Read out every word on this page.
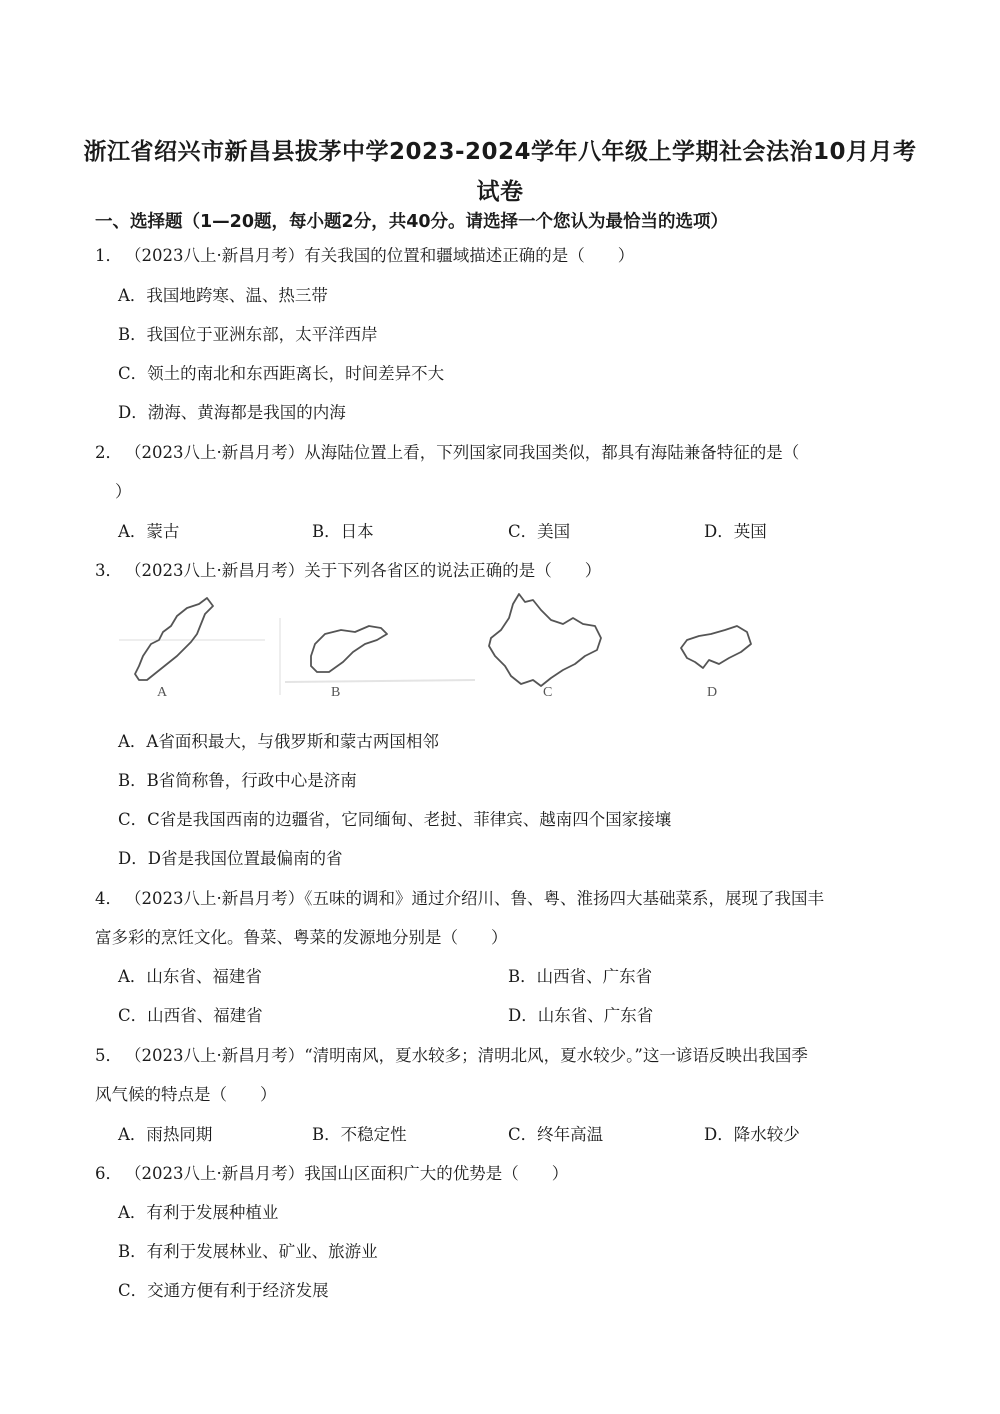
浙江省绍兴市新昌县拔茅中学2023-2024学年八年级上学期社会法治10月月考
试卷
一、选择题（1—20题，每小题2分，共40分。请选择一个您认为最恰当的选项）
1． （2023八上·新昌月考）有关我国的位置和疆域描述正确的是（　　）
A．我国地跨寒、温、热三带
B．我国位于亚洲东部，太平洋西岸
C．领土的南北和东西距离长，时间差异不大
D．渤海、黄海都是我国的内海
2． （2023八上·新昌月考）从海陆位置上看，下列国家同我国类似，都具有海陆兼备特征的是（
）
A．蒙古	B．日本	C．美国	D．英国
3． （2023八上·新昌月考）关于下列各省区的说法正确的是（　　）
A	B	C	D
A．A省面积最大，与俄罗斯和蒙古两国相邻
B．B省简称鲁，行政中心是济南
C．C省是我国西南的边疆省，它同缅甸、老挝、菲律宾、越南四个国家接壤
D．D省是我国位置最偏南的省
4． （2023八上·新昌月考）《五味的调和》通过介绍川、鲁、粤、淮扬四大基础菜系，展现了我国丰
富多彩的烹饪文化。鲁菜、粤菜的发源地分别是（　　）
A．山东省、福建省	B．山西省、广东省
C．山西省、福建省	D．山东省、广东省
5． （2023八上·新昌月考）“清明南风，夏水较多；清明北风，夏水较少。”这一谚语反映出我国季
风气候的特点是（　　）
A．雨热同期	B．不稳定性	C．终年高温	D．降水较少
6． （2023八上·新昌月考）我国山区面积广大的优势是（　　）
A．有利于发展种植业
B．有利于发展林业、矿业、旅游业
C．交通方便有利于经济发展
